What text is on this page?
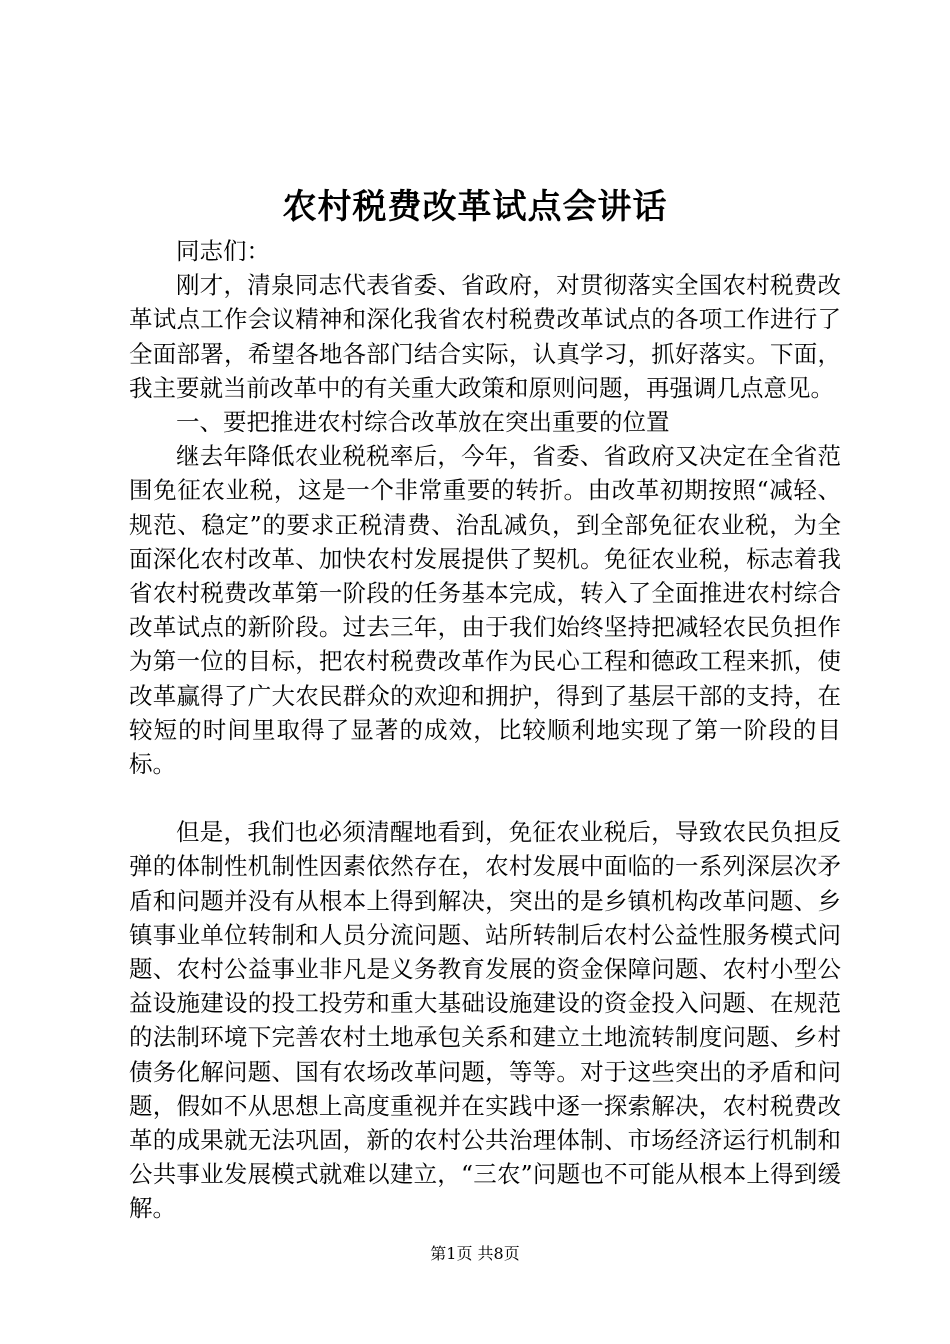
农村税费改革试点会讲话

同志们：

刚才，清泉同志代表省委、省政府，对贯彻落实全国农村税费改革试点工作会议精神和深化我省农村税费改革试点的各项工作进行了全面部署，希望各地各部门结合实际，认真学习，抓好落实。下面，我主要就当前改革中的有关重大政策和原则问题，再强调几点意见。

一、要把推进农村综合改革放在突出重要的位置

继去年降低农业税税率后，今年，省委、省政府又决定在全省范围免征农业税，这是一个非常重要的转折。由改革初期按照“减轻、规范、稳定”的要求正税清费、治乱减负，到全部免征农业税，为全面深化农村改革、加快农村发展提供了契机。免征农业税，标志着我省农村税费改革第一阶段的任务基本完成，转入了全面推进农村综合改革试点的新阶段。过去三年，由于我们始终坚持把减轻农民负担作为第一位的目标，把农村税费改革作为民心工程和德政工程来抓，使改革赢得了广大农民群众的欢迎和拥护，得到了基层干部的支持，在较短的时间里取得了显著的成效，比较顺利地实现了第一阶段的目标。

但是，我们也必须清醒地看到，免征农业税后，导致农民负担反弹的体制性机制性因素依然存在，农村发展中面临的一系列深层次矛盾和问题并没有从根本上得到解决，突出的是乡镇机构改革问题、乡镇事业单位转制和人员分流问题、站所转制后农村公益性服务模式问题、农村公益事业非凡是义务教育发展的资金保障问题、农村小型公益设施建设的投工投劳和重大基础设施建设的资金投入问题、在规范的法制环境下完善农村土地承包关系和建立土地流转制度问题、乡村债务化解问题、国有农场改革问题，等等。对于这些突出的矛盾和问题，假如不从思想上高度重视并在实践中逐一探索解决，农村税费改革的成果就无法巩固，新的农村公共治理体制、市场经济运行机制和公共事业发展模式就难以建立，“三农”问题也不可能从根本上得到缓解。

第1页 共8页
